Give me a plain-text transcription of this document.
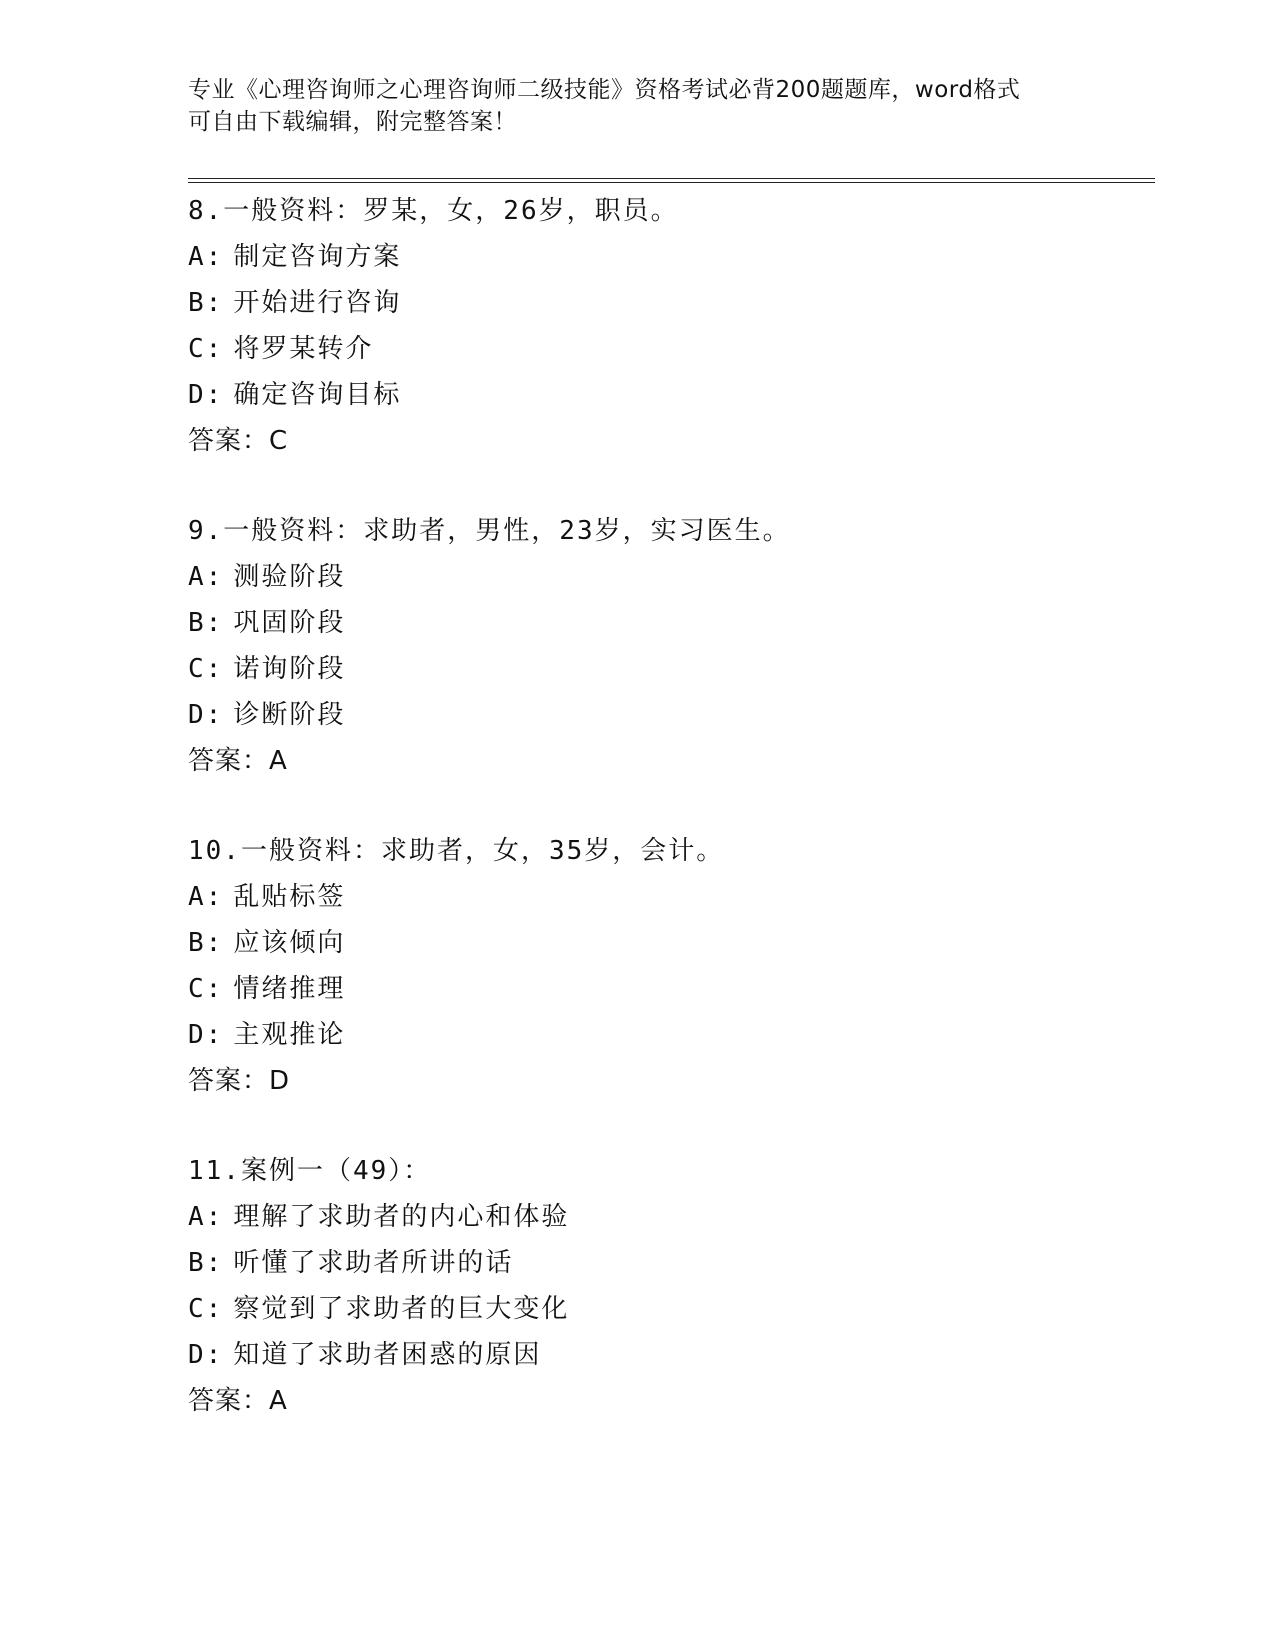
专业《心理咨询师之心理咨询师二级技能》资格考试必背200题题库，word格式
可自由下载编辑，附完整答案！
8.一般资料：罗某，女，26岁，职员。
A: 制定咨询方案
B: 开始进行咨询
C: 将罗某转介
D: 确定咨询目标
答案：C
9.一般资料：求助者，男性，23岁，实习医生。
A: 测验阶段
B: 巩固阶段
C: 诺询阶段
D: 诊断阶段
答案：A
10.一般资料：求助者，女，35岁，会计。
A: 乱贴标签
B: 应该倾向
C: 情绪推理
D: 主观推论
答案：D
11.案例一（49）：
A: 理解了求助者的内心和体验
B: 听懂了求助者所讲的话
C: 察觉到了求助者的巨大变化
D: 知道了求助者困惑的原因
答案：A
